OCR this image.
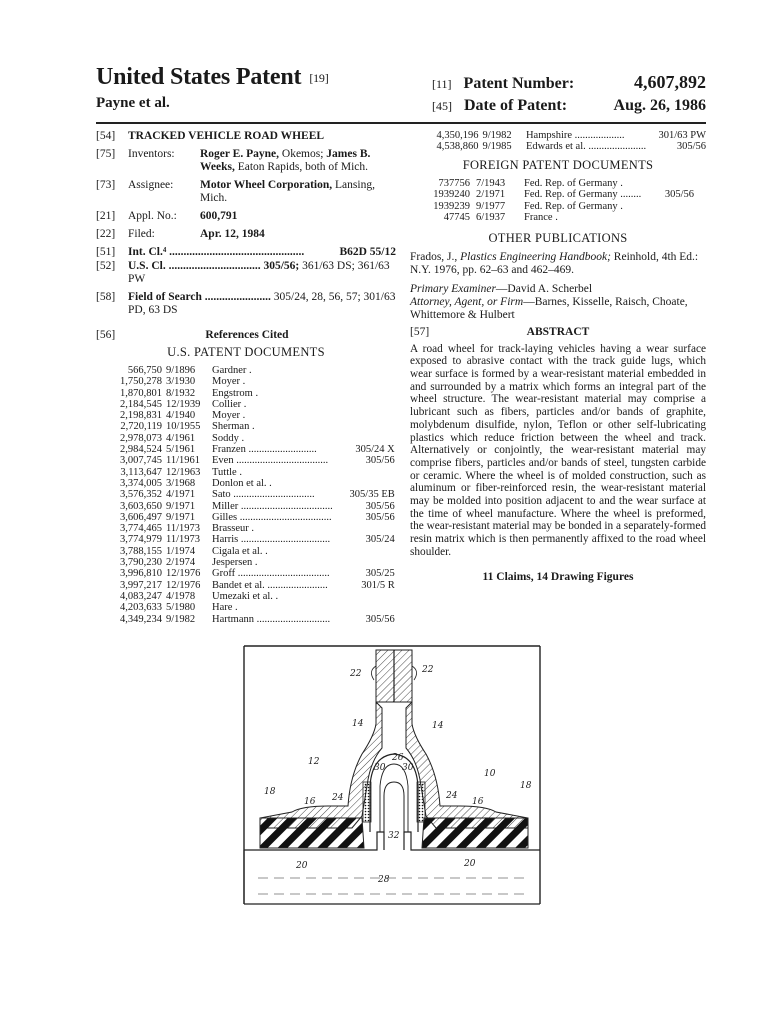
United States Patent [19]
Payne et al.
[11] Patent Number:	4,607,892
[45] Date of Patent:	Aug. 26, 1986
[54]	TRACKED VEHICLE ROAD WHEEL
[75]	Inventors:	Roger E. Payne, Okemos; James B. Weeks, Eaton Rapids, both of Mich.
[73]	Assignee:	Motor Wheel Corporation, Lansing, Mich.
[21]	Appl. No.:	600,791
[22]	Filed:	Apr. 12, 1984
[51]	Int. Cl.⁴ ...............................................	B62D 55/12
[52]	U.S. Cl. ................................ 305/56; 361/63 DS; 361/63 PW
[58]	Field of Search ....................... 305/24, 28, 56, 57; 301/63 PD, 63 DS
[56]	References Cited
U.S. PATENT DOCUMENTS
566,750	9/1896	Gardner .	
1,750,278	3/1930	Moyer .	
1,870,801	8/1932	Engstrom .	
2,184,545	12/1939	Collier .	
2,198,831	4/1940	Moyer .	
2,720,119	10/1955	Sherman .	
2,978,073	4/1961	Soddy .	
2,984,524	5/1961	Franzen ..........................	305/24 X
3,007,745	11/1961	Even ...................................	305/56
3,113,647	12/1963	Tuttle .	
3,374,005	3/1968	Donlon et al. .	
3,576,352	4/1971	Sato ...............................	305/35 EB
3,603,650	9/1971	Miller ...................................	305/56
3,606,497	9/1971	Gilles ...................................	305/56
3,774,465	11/1973	Brasseur .	
3,774,979	11/1973	Harris ..................................	305/24
3,788,155	1/1974	Cigala et al. .	
3,790,230	2/1974	Jespersen .	
3,996,810	12/1976	Groff ...................................	305/25
3,997,217	12/1976	Bandet et al. .......................	301/5 R
4,083,247	4/1978	Umezaki et al. .	
4,203,633	5/1980	Hare .	
4,349,234	9/1982	Hartmann ............................	305/56
4,350,196	9/1982	Hampshire ...................	301/63 PW
4,538,860	9/1985	Edwards et al. ......................	305/56
FOREIGN PATENT DOCUMENTS
737756	7/1943	Fed. Rep. of Germany .	
1939240	2/1971	Fed. Rep. of Germany ........	305/56
1939239	9/1977	Fed. Rep. of Germany .	
47745	6/1937	France .	
OTHER PUBLICATIONS
Frados, J., Plastics Engineering Handbook; Reinhold, 4th Ed.: N.Y. 1976, pp. 62–63 and 462–469.
Primary Examiner—David A. Scherbel
Attorney, Agent, or Firm—Barnes, Kisselle, Raisch, Choate, Whittemore & Hulbert
[57]	ABSTRACT
A road wheel for track-laying vehicles having a wear surface exposed to abrasive contact with the track guide lugs, which wear surface is formed by a wear-resistant material embedded in and surrounded by a matrix which forms an integral part of the wheel structure. The wear-resistant material may comprise a lubricant such as fibers, particles and/or bands of graphite, molybdenum disulfide, nylon, Teflon or other self-lubricating plastics which reduce friction between the wheel and track. Alternatively or conjointly, the wear-resistant material may comprise fibers, particles and/or bands of steel, tungsten carbide or ceramic. Where the wheel is of molded construction, such as aluminum or fiber-reinforced resin, the wear-resistant material may be molded into position adjacent to and the wear surface at the time of wheel manufacture. Where the wheel is preformed, the wear-resistant material may be bonded in a separately-formed resin matrix which is then permanently affixed to the road wheel shoulder.
11 Claims, 14 Drawing Figures
22	22
14	14
12	26
30 30
10
18
18
16	16
24	24
32
20	20
28
